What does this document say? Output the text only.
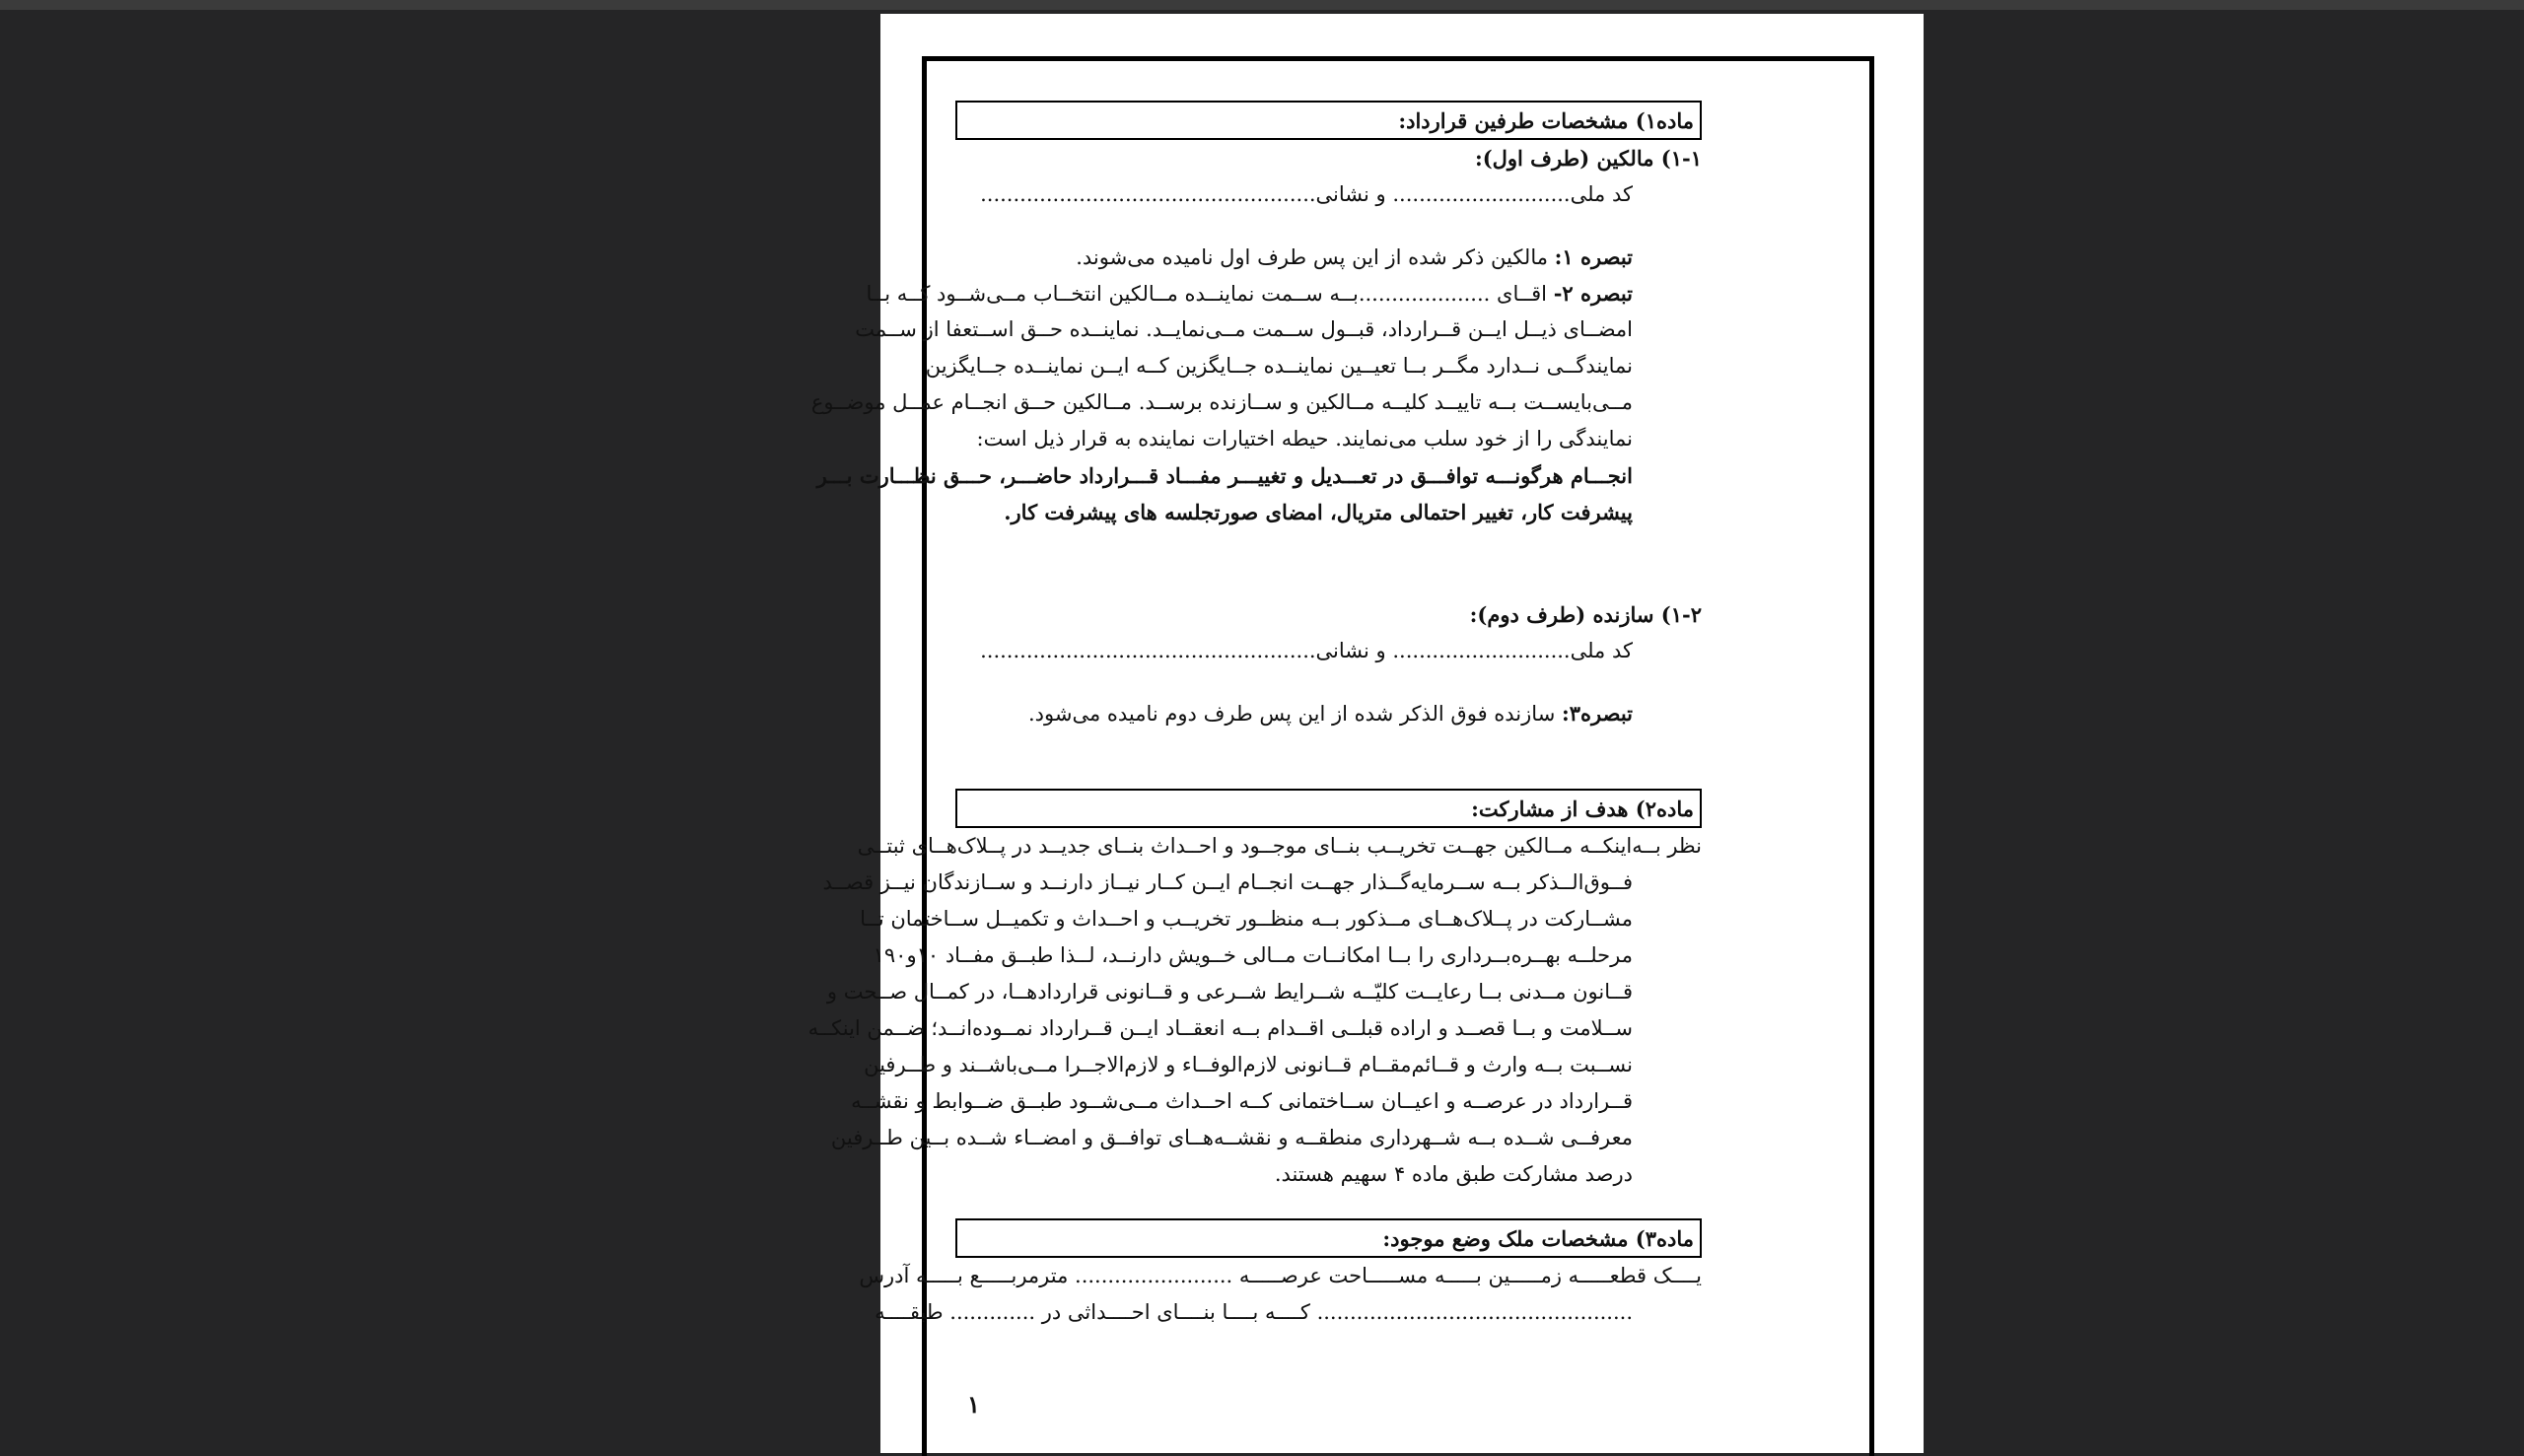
ماده۱) مشخصات طرفین قرارداد:
۱-۱) مالکین (طرف اول):
کد ملی........................... و نشانی...................................................
تبصره ۱: مالکین ذکر شده از این پس طرف اول نامیده می‌شوند.
تبصره ۲- اقــای ....................بــه ســمت نماینــده مــالکین انتخــاب مــی‌شــود کــه بــا
امضــای ذیــل ایــن قــرارداد، قبــول ســمت مــی‌نمایــد. نماینــده حــق اســتعفا از ســمت
نمایندگــی نــدارد مگــر بــا تعیــین نماینــده جــایگزین کــه ایــن نماینــده جــایگزین
مــی‌بایســت بــه تاییــد کلیــه مــالکین و ســازنده برســد. مــالکین حــق انجــام عمــل موضــوع
نمایندگی را از خود سلب می‌نمایند. حیطه اختیارات نماینده به قرار ذیل است:
انجـــام هرگونـــه توافـــق در تعـــدیل و تغییـــر مفـــاد قـــرارداد حاضـــر، حـــق نظـــارت بـــر
پیشرفت کار، تغییر احتمالی متریال، امضای صورتجلسه های پیشرفت کار.
۱-۲) سازنده (طرف دوم):
کد ملی........................... و نشانی...................................................
تبصره۳: سازنده فوق الذکر شده از این پس طرف دوم نامیده می‌شود.
ماده۲) هدف از مشارکت:
نظر بــه‌اینکــه مــالکین جهــت تخریــب بنــای موجــود و احــداث بنــای جدیــد در پــلاک‌هــای ثبتــی
فــوق‌الــذکر بــه ســرمایه‌گــذار جهــت انجــام ایــن کــار نیــاز دارنــد و ســازندگان نیــز قصــد
مشــارکت در پــلاک‌هــای مــذکور بــه منظــور تخریــب و احــداث و تکمیــل ســاختمان تــا
مرحلــه بهــره‌بــرداری را بــا امکانــات مــالی خــویش دارنــد، لــذا طبــق مفــاد ۱۰و۱۹۰
قــانون مــدنی بــا رعایــت کلیّــه شــرایط شــرعی و قــانونی قراردادهــا، در کمــال صــحت و
ســلامت و بــا قصــد و اراده قبلــی اقــدام بــه انعقــاد ایــن قــرارداد نمــوده‌انــد؛ ضــمن اینکــه
نســبت بــه وارث و قــائم‌مقــام قــانونی لازم‌الوفــاء و لازم‌الاجــرا مــی‌باشــند و طــرفین
قــرارداد در عرصــه و اعیــان ســاختمانی کــه احــداث مــی‌شــود طبــق ضــوابط و نقشــه
معرفــی شــده بــه شــهرداری منطقــه و نقشــه‌هــای توافــق و امضــاء شــده بــین طــرفین
درصد مشارکت طبق ماده ۴ سهیم هستند.
ماده۳) مشخصات ملک وضع موجود:
یــــک قطعـــــه زمـــــین بـــــه مســـــاحت عرصـــــه ........................ مترمربـــــع بـــــه آدرس
................................................ کــــه بــــا بنــــای احــــداثی در ............. طبقــــه
۱
